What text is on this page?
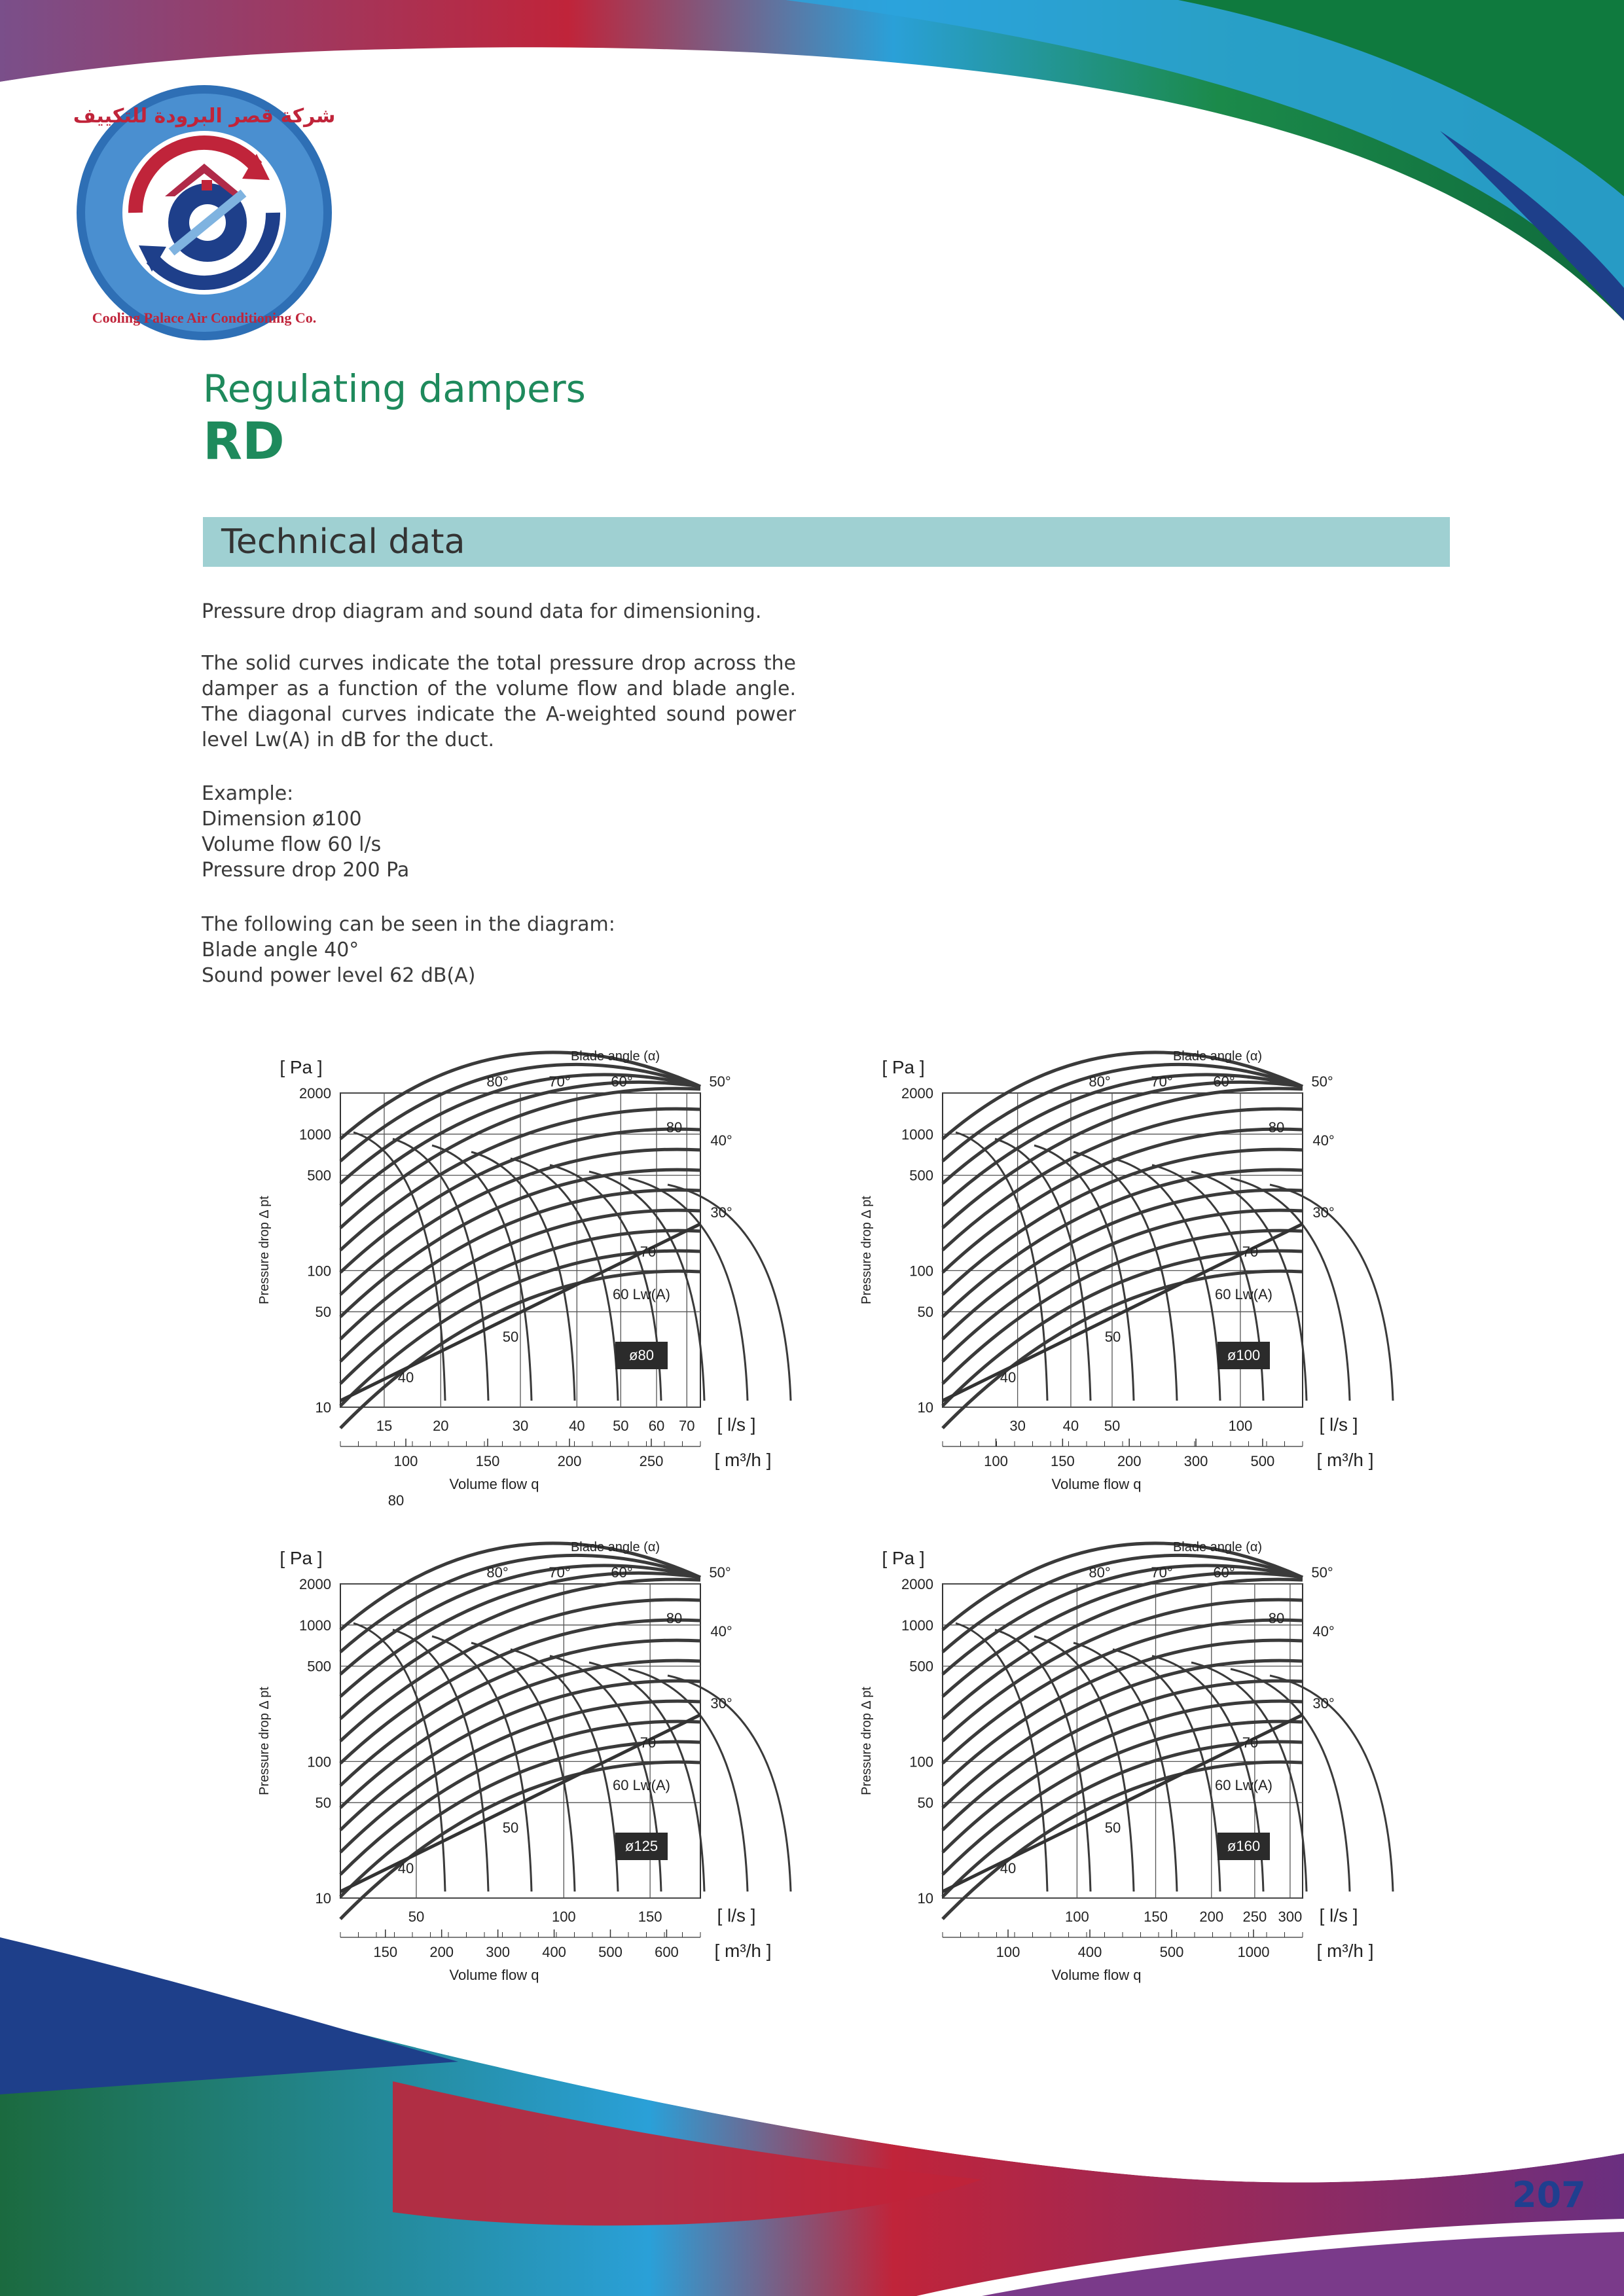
شركة قصر البرودة للتكييف
Cooling Palace Air Conditioning Co.
Regulating dampers
RD
Technical data
Pressure drop diagram and sound data for dimensioning.
The solid curves indicate the total pressure drop across the damper as a function of the volume flow and blade angle. The diagonal curves indicate the A-weighted sound power level Lw(A) in dB for the duct.

Example:

Dimension ø100

Volume flow 60 l/s

Pressure drop 200 Pa

The following can be seen in the diagram:

Blade angle 40°

Sound power level 62 dB(A)

2000
1000
500
100
50
10
15	20	30	40 50 60 70
100	150	200	250
80
40
50
60 Lw(A)
70
80
ø80
[ Pa ]
Blade angle (α)
80°	70°	60°	50°
40°
30°
[ l/s ]
[ m³/h ]
Volume flow q
Pressure drop Δ pt
2000
1000
500
100
50
10
30	40 50	100
100	150	200	300	500
40
50
60 Lw(A)
70
80
ø100
[ Pa ]
Blade angle (α)
80°	70°	60°	50°
40°
30°
[ l/s ]
[ m³/h ]
Volume flow q
Pressure drop Δ pt
2000
1000
500
100
50
10
50	100	150
150 200 300 400 500 600
40
50
60 Lw(A)
70
80
ø125
[ Pa ]
Blade angle (α)
80°	70°	60°	50°
40°
30°
[ l/s ]
[ m³/h ]
Volume flow q
Pressure drop Δ pt
2000
1000
500
100
50
10
100	150 200 250 300
100	400	500	1000
40
50
60 Lw(A)
70
80
ø160
[ Pa ]
Blade angle (α)
80°	70°	60°	50°
40°
30°
[ l/s ]
[ m³/h ]
Volume flow q
Pressure drop Δ pt
207
